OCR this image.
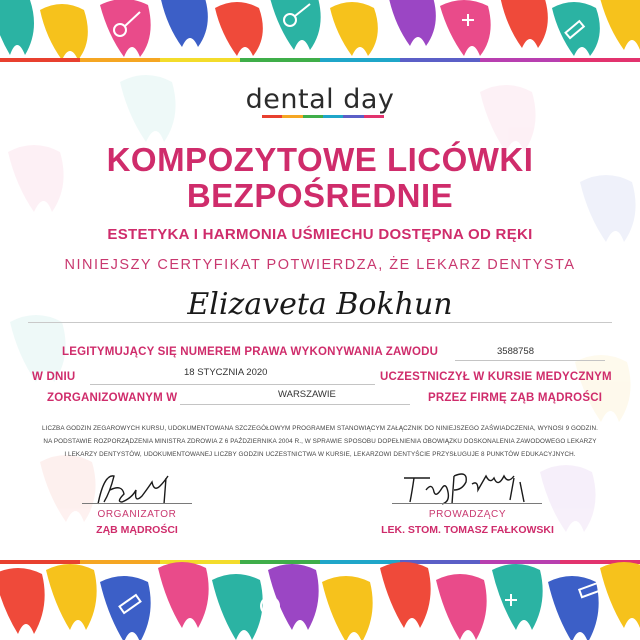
dental day
KOMPOZYTOWE LICÓWKI
BEZPOŚREDNIE
ESTETYKA I HARMONIA UŚMIECHU DOSTĘPNA OD RĘKI
NINIEJSZY CERTYFIKAT POTWIERDZA, ŻE LEKARZ DENTYSTA
Elizaveta Bokhun
LEGITYMUJĄCY SIĘ NUMEREM PRAWA WYKONYWANIA ZAWODU	3588758
W DNIU	18 STYCZNIA 2020	UCZESTNICZYŁ W KURSIE MEDYCZNYM
ZORGANIZOWANYM W	WARSZAWIE	PRZEZ FIRMĘ ZĄB MĄDROŚCI
LICZBA GODZIN ZEGAROWYCH KURSU, UDOKUMENTOWANA SZCZEGÓŁOWYM PROGRAMEM STANOWIĄCYM ZAŁĄCZNIK DO NINIEJSZEGO ZAŚWIADCZENIA, WYNOSI 9 GODZIN.
NA PODSTAWIE ROZPORZĄDZENIA MINISTRA ZDROWIA Z 6 PAŹDZIERNIKA 2004 R., W SPRAWIE SPOSOBU DOPEŁNIENIA OBOWIĄZKU DOSKONALENIA ZAWODOWEGO LEKARZY
I LEKARZY DENTYSTÓW, UDOKUMENTOWANEJ LICZBY GODZIN UCZESTNICTWA W KURSIE, LEKARZOWI DENTYŚCIE PRZYSŁUGUJE 8 PUNKTÓW EDUKACYJNYCH.
ORGANIZATOR
ZĄB MĄDROŚCI
PROWADZĄCY
LEK. STOM. TOMASZ FAŁKOWSKI
